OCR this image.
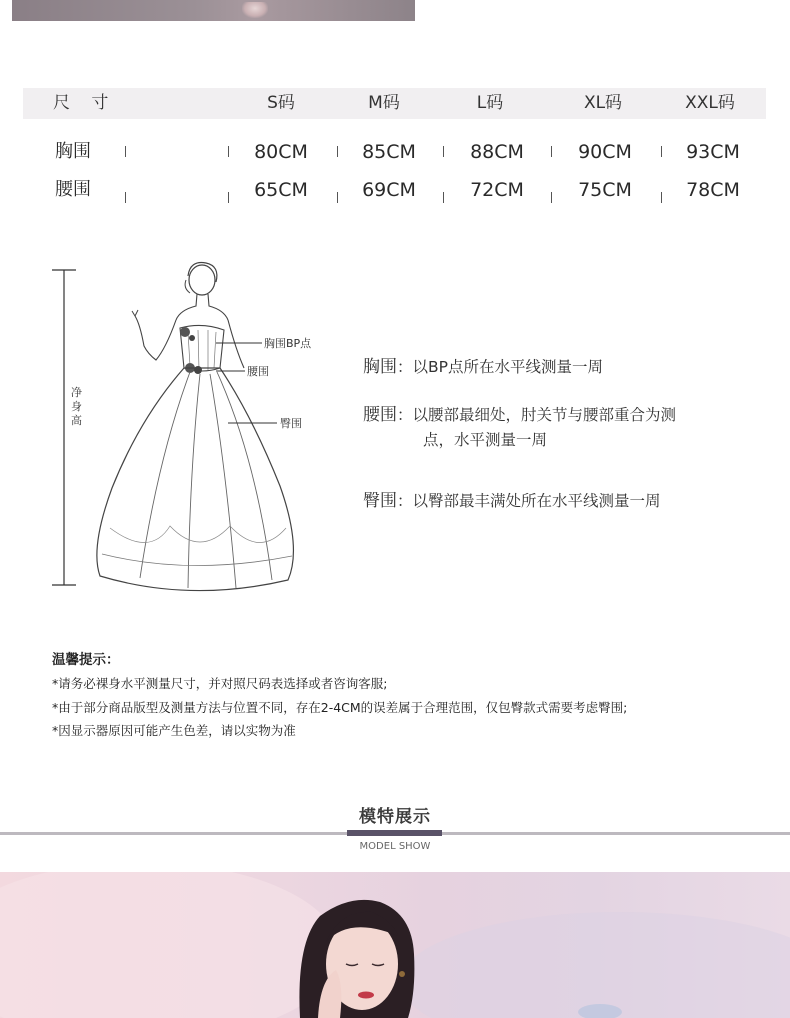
尺 寸	S码	M码	L码	XL码	XXL码
胸围	80CM	85CM	88CM	90CM	93CM
腰围	65CM	69CM	72CM	75CM	78CM
净身高
胸围BP点
腰围
臀围
胸围：以BP点所在水平线测量一周
腰围：以腰部最细处，肘关节与腰部重合为测
点，水平测量一周
臀围：以臀部最丰满处所在水平线测量一周
温馨提示：
*请务必裸身水平测量尺寸，并对照尺码表选择或者咨询客服;
*由于部分商品版型及测量方法与位置不同，存在2-4CM的误差属于合理范围，仅包臀款式需要考虑臀围;
*因显示器原因可能产生色差，请以实物为准
模特展示
MODEL SHOW
